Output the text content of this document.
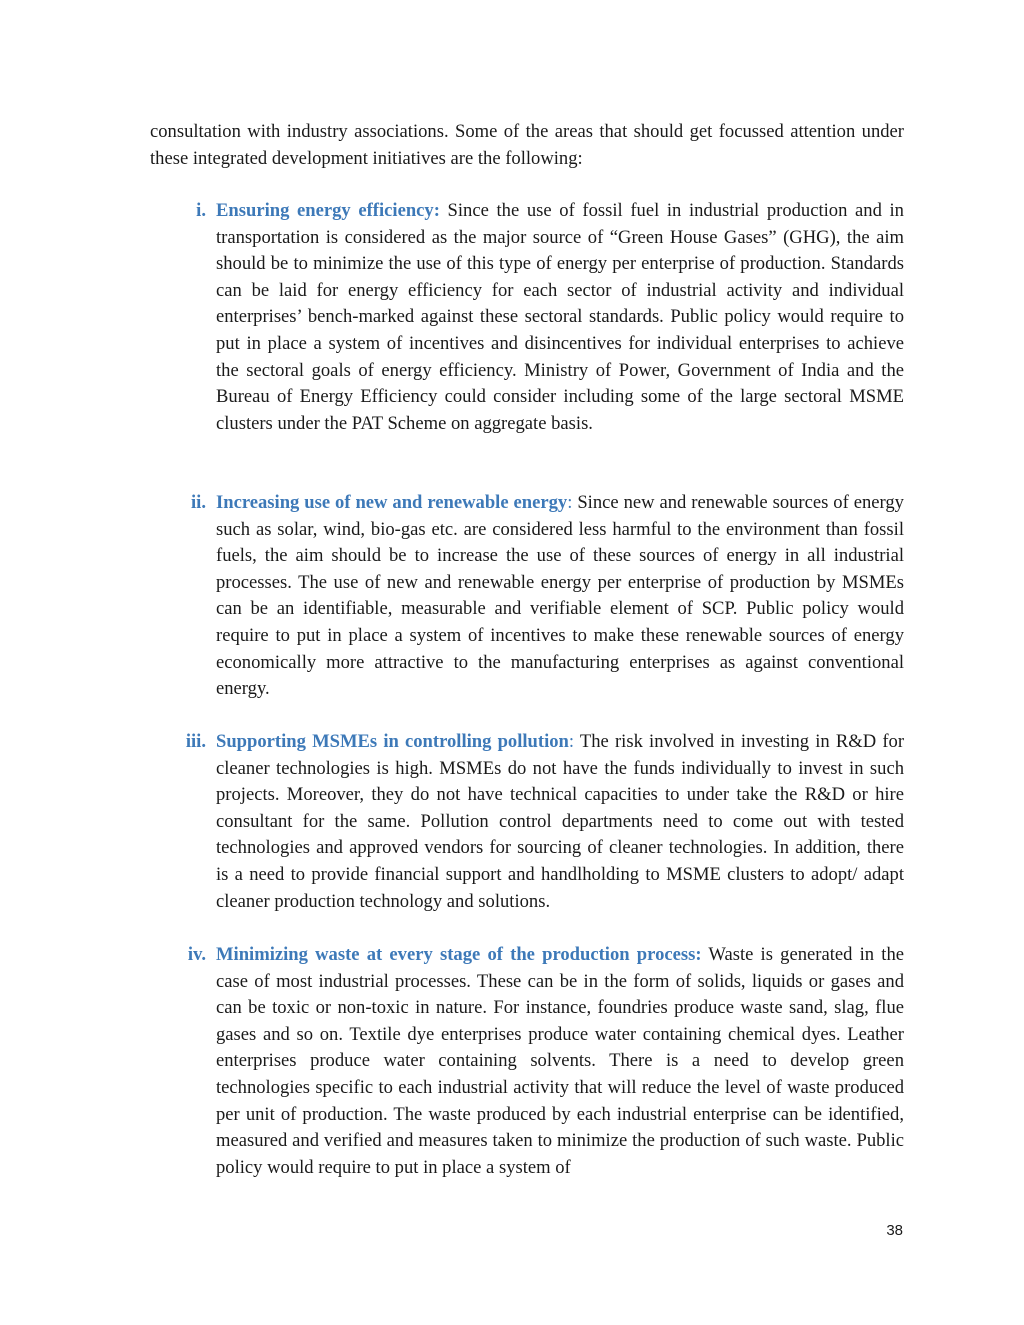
consultation with industry associations. Some of the areas that should get focussed attention under these integrated development initiatives are the following:

i. Ensuring energy efficiency: Since the use of fossil fuel in industrial production and in transportation is considered as the major source of “Green House Gases” (GHG), the aim should be to minimize the use of this type of energy per enterprise of production. Standards can be laid for energy efficiency for each sector of industrial activity and individual enterprises’ bench-marked against these sectoral standards. Public policy would require to put in place a system of incentives and disincentives for individual enterprises to achieve the sectoral goals of energy efficiency. Ministry of Power, Government of India and the Bureau of Energy Efficiency could consider including some of the large sectoral MSME clusters under the PAT Scheme on aggregate basis.
ii. Increasing use of new and renewable energy: Since new and renewable sources of energy such as solar, wind, bio-gas etc. are considered less harmful to the environment than fossil fuels, the aim should be to increase the use of these sources of energy in all industrial processes. The use of new and renewable energy per enterprise of production by MSMEs can be an identifiable, measurable and verifiable element of SCP. Public policy would require to put in place a system of incentives to make these renewable sources of energy economically more attractive to the manufacturing enterprises as against conventional energy.
iii. Supporting MSMEs in controlling pollution: The risk involved in investing in R&D for cleaner technologies is high. MSMEs do not have the funds individually to invest in such projects. Moreover, they do not have technical capacities to under take the R&D or hire consultant for the same. Pollution control departments need to come out with tested technologies and approved vendors for sourcing of cleaner technologies. In addition, there is a need to provide financial support and handlholding to MSME clusters to adopt/ adapt cleaner production technology and solutions.
iv. Minimizing waste at every stage of the production process: Waste is generated in the case of most industrial processes. These can be in the form of solids, liquids or gases and can be toxic or non-toxic in nature. For instance, foundries produce waste sand, slag, flue gases and so on. Textile dye enterprises produce water containing chemical dyes. Leather enterprises produce water containing solvents. There is a need to develop green technologies specific to each industrial activity that will reduce the level of waste produced per unit of production. The waste produced by each industrial enterprise can be identified, measured and verified and measures taken to minimize the production of such waste. Public policy would require to put in place a system of
38
